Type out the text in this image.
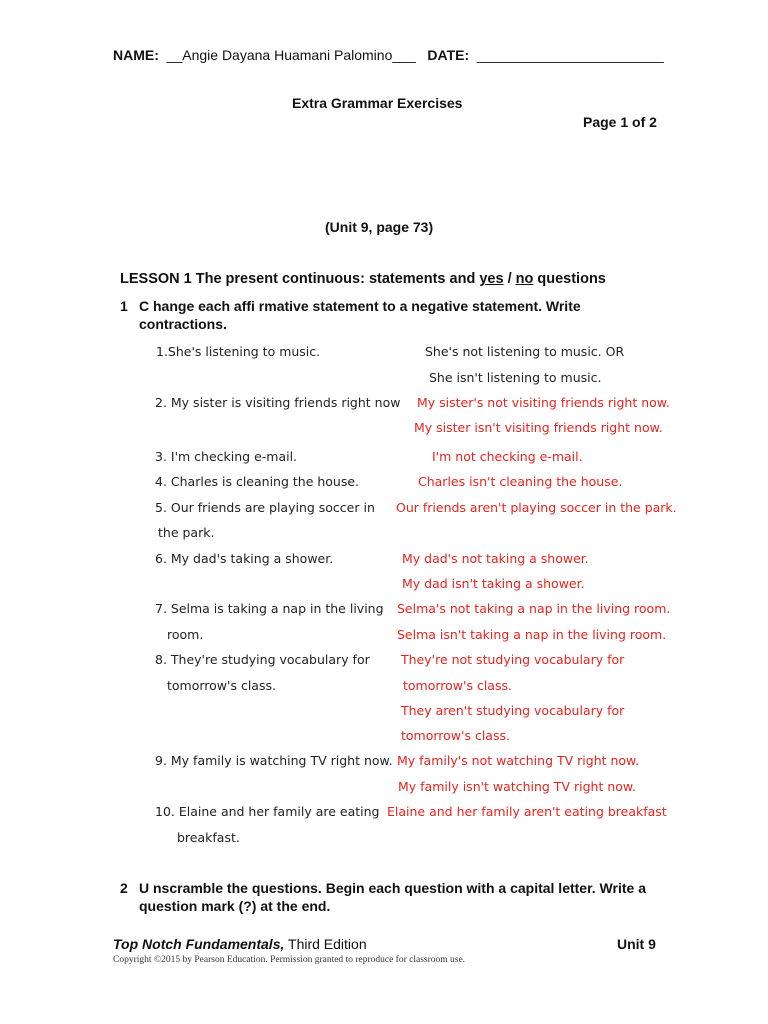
NAME: __Angie Dayana Huamani Palomino___ DATE: ________________________
Extra Grammar Exercises
Page 1 of 2
(Unit 9, page 73)
LESSON 1 The present continuous: statements and yes / no questions
1 C hange each affi rmative statement to a negative statement. Write
contractions.
1.She's listening to music.
2. My sister is visiting friends right now
3. I'm checking e-mail.
4. Charles is cleaning the house.
5. Our friends are playing soccer in
the park.
6. My dad's taking a shower.
7. Selma is taking a nap in the living
room.
8. They're studying vocabulary for
tomorrow's class.
9. My family is watching TV right now.
10. Elaine and her family are eating
breakfast.
She's not listening to music. OR
She isn't listening to music.
My sister's not visiting friends right now.
My sister isn't visiting friends right now.
I'm not checking e-mail.
Charles isn't cleaning the house.
Our friends aren't playing soccer in the park.
My dad's not taking a shower.
My dad isn't taking a shower.
Selma's not taking a nap in the living room.
Selma isn't taking a nap in the living room.
They're not studying vocabulary for
tomorrow's class.
They aren't studying vocabulary for
tomorrow's class.
My family's not watching TV right now.
My family isn't watching TV right now.
Elaine and her family aren't eating breakfast
2 U nscramble the questions. Begin each question with a capital letter. Write a
question mark (?) at the end.
Top Notch Fundamentals, Third Edition	Unit 9
Copyright ©2015 by Pearson Education. Permission granted to reproduce for classroom use.
